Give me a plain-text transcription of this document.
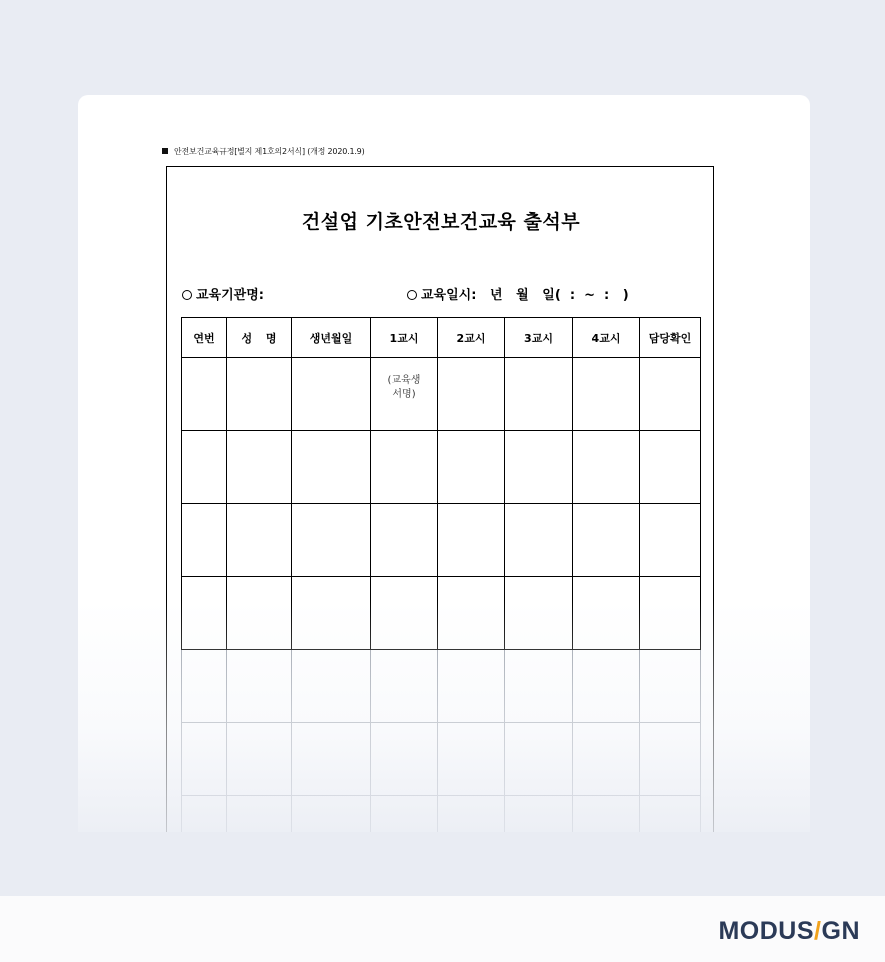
안전보건교육규정[별지 제1호의2서식] (개정 2020.1.9)
건설업 기초안전보건교육 출석부
교육기관명:	교육일시:   년   월   일(  :  ~  :   )
연번	성 명	생년월일	1교시	2교시	3교시	4교시	담당확인
			(교육생
서명)				

MODUS/GN
